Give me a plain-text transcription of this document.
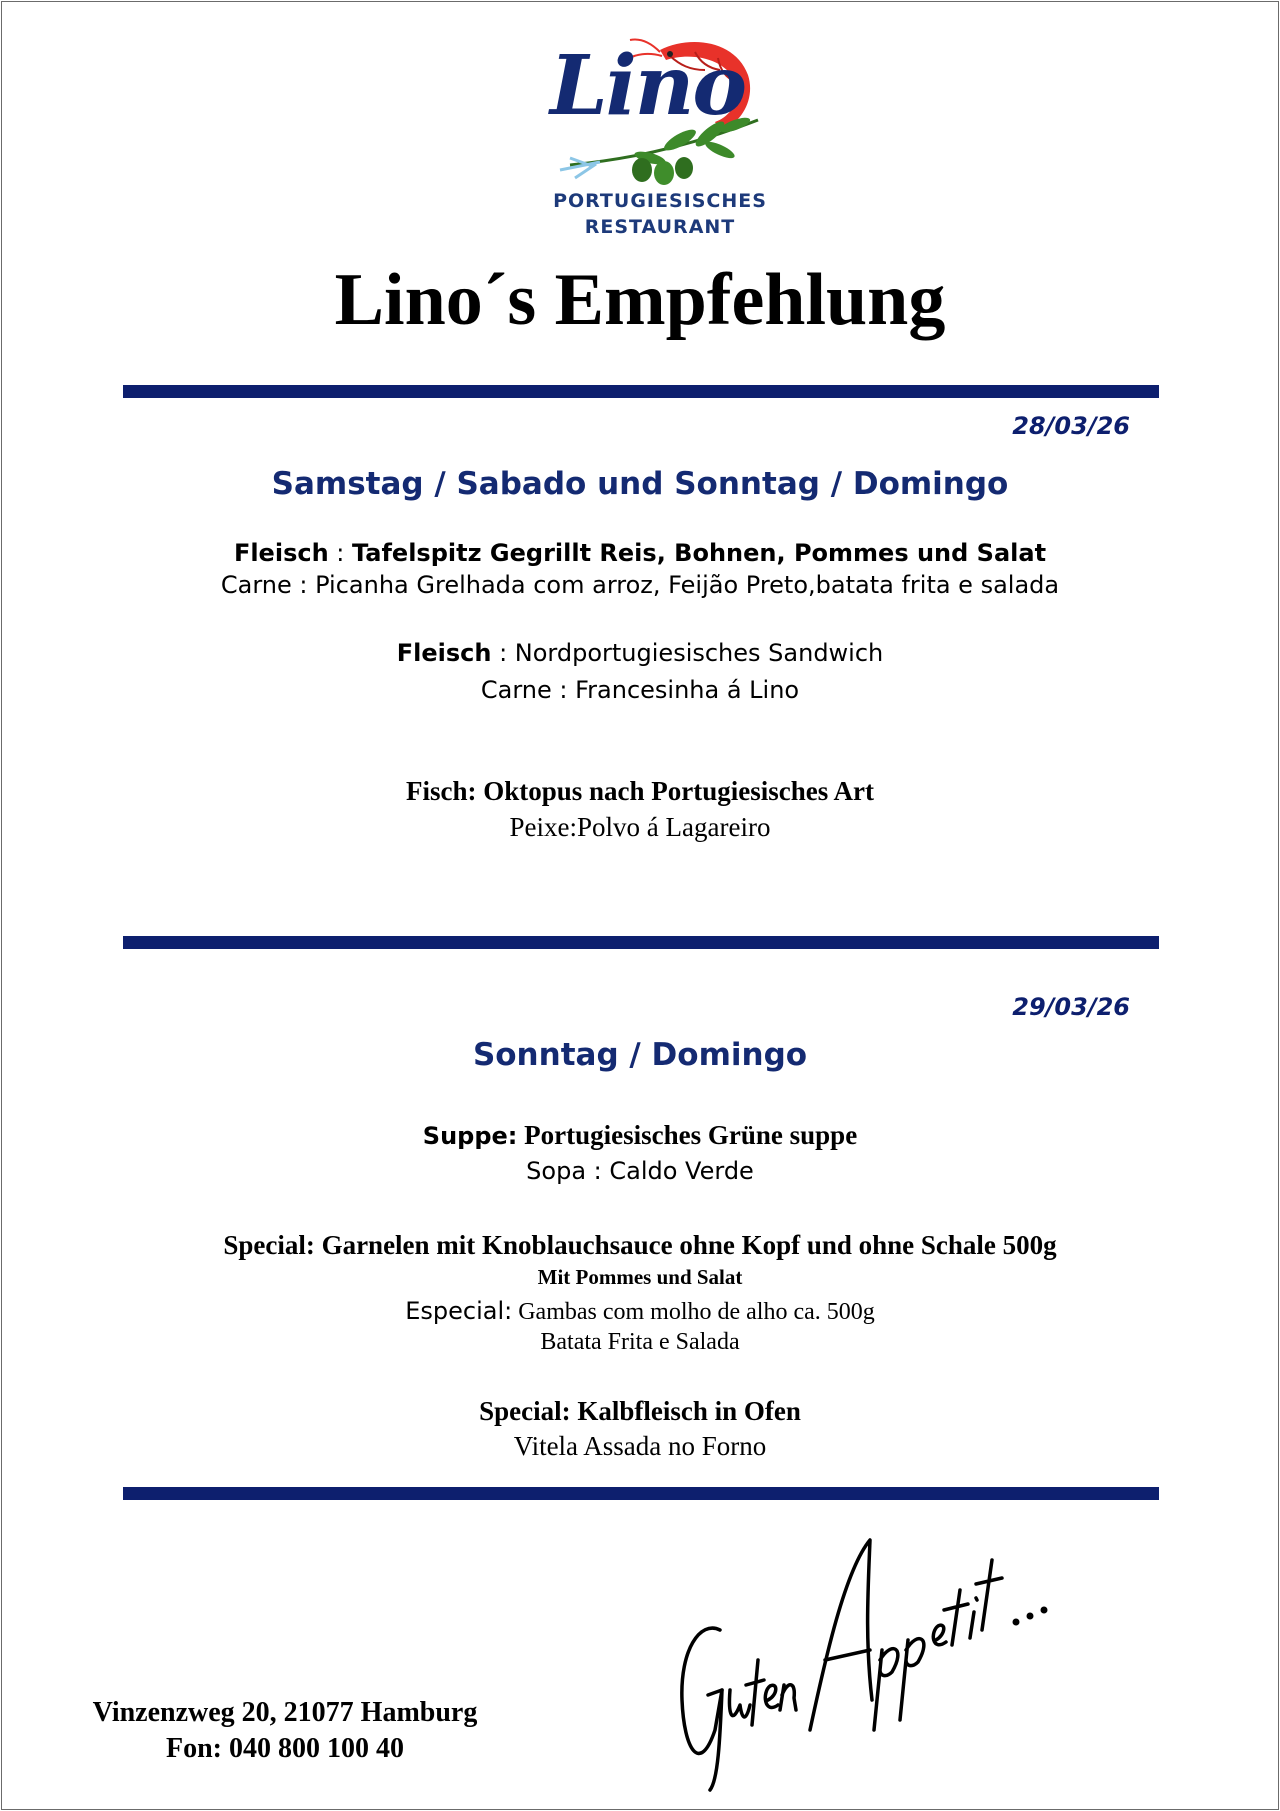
Lino
PORTUGIESISCHES
RESTAURANT
Lino´s Empfehlung
28/03/26
Samstag / Sabado und Sonntag / Domingo
Fleisch : Tafelspitz Gegrillt Reis, Bohnen, Pommes und Salat
Carne : Picanha Grelhada com arroz, Feijão Preto,batata frita e salada
Fleisch : Nordportugiesisches Sandwich
Carne : Francesinha á Lino
Fisch: Oktopus nach Portugiesisches Art
Peixe:Polvo á Lagareiro
29/03/26
Sonntag / Domingo
Suppe: Portugiesisches Grüne suppe
Sopa : Caldo Verde
Special: Garnelen mit Knoblauchsauce ohne Kopf und ohne Schale 500g
Mit Pommes und Salat
Especial: Gambas com molho de alho ca. 500g
Batata Frita e Salada
Special: Kalbfleisch in Ofen
Vitela Assada no Forno
Vinzenzweg 20, 21077 Hamburg
Fon: 040 800 100 40
